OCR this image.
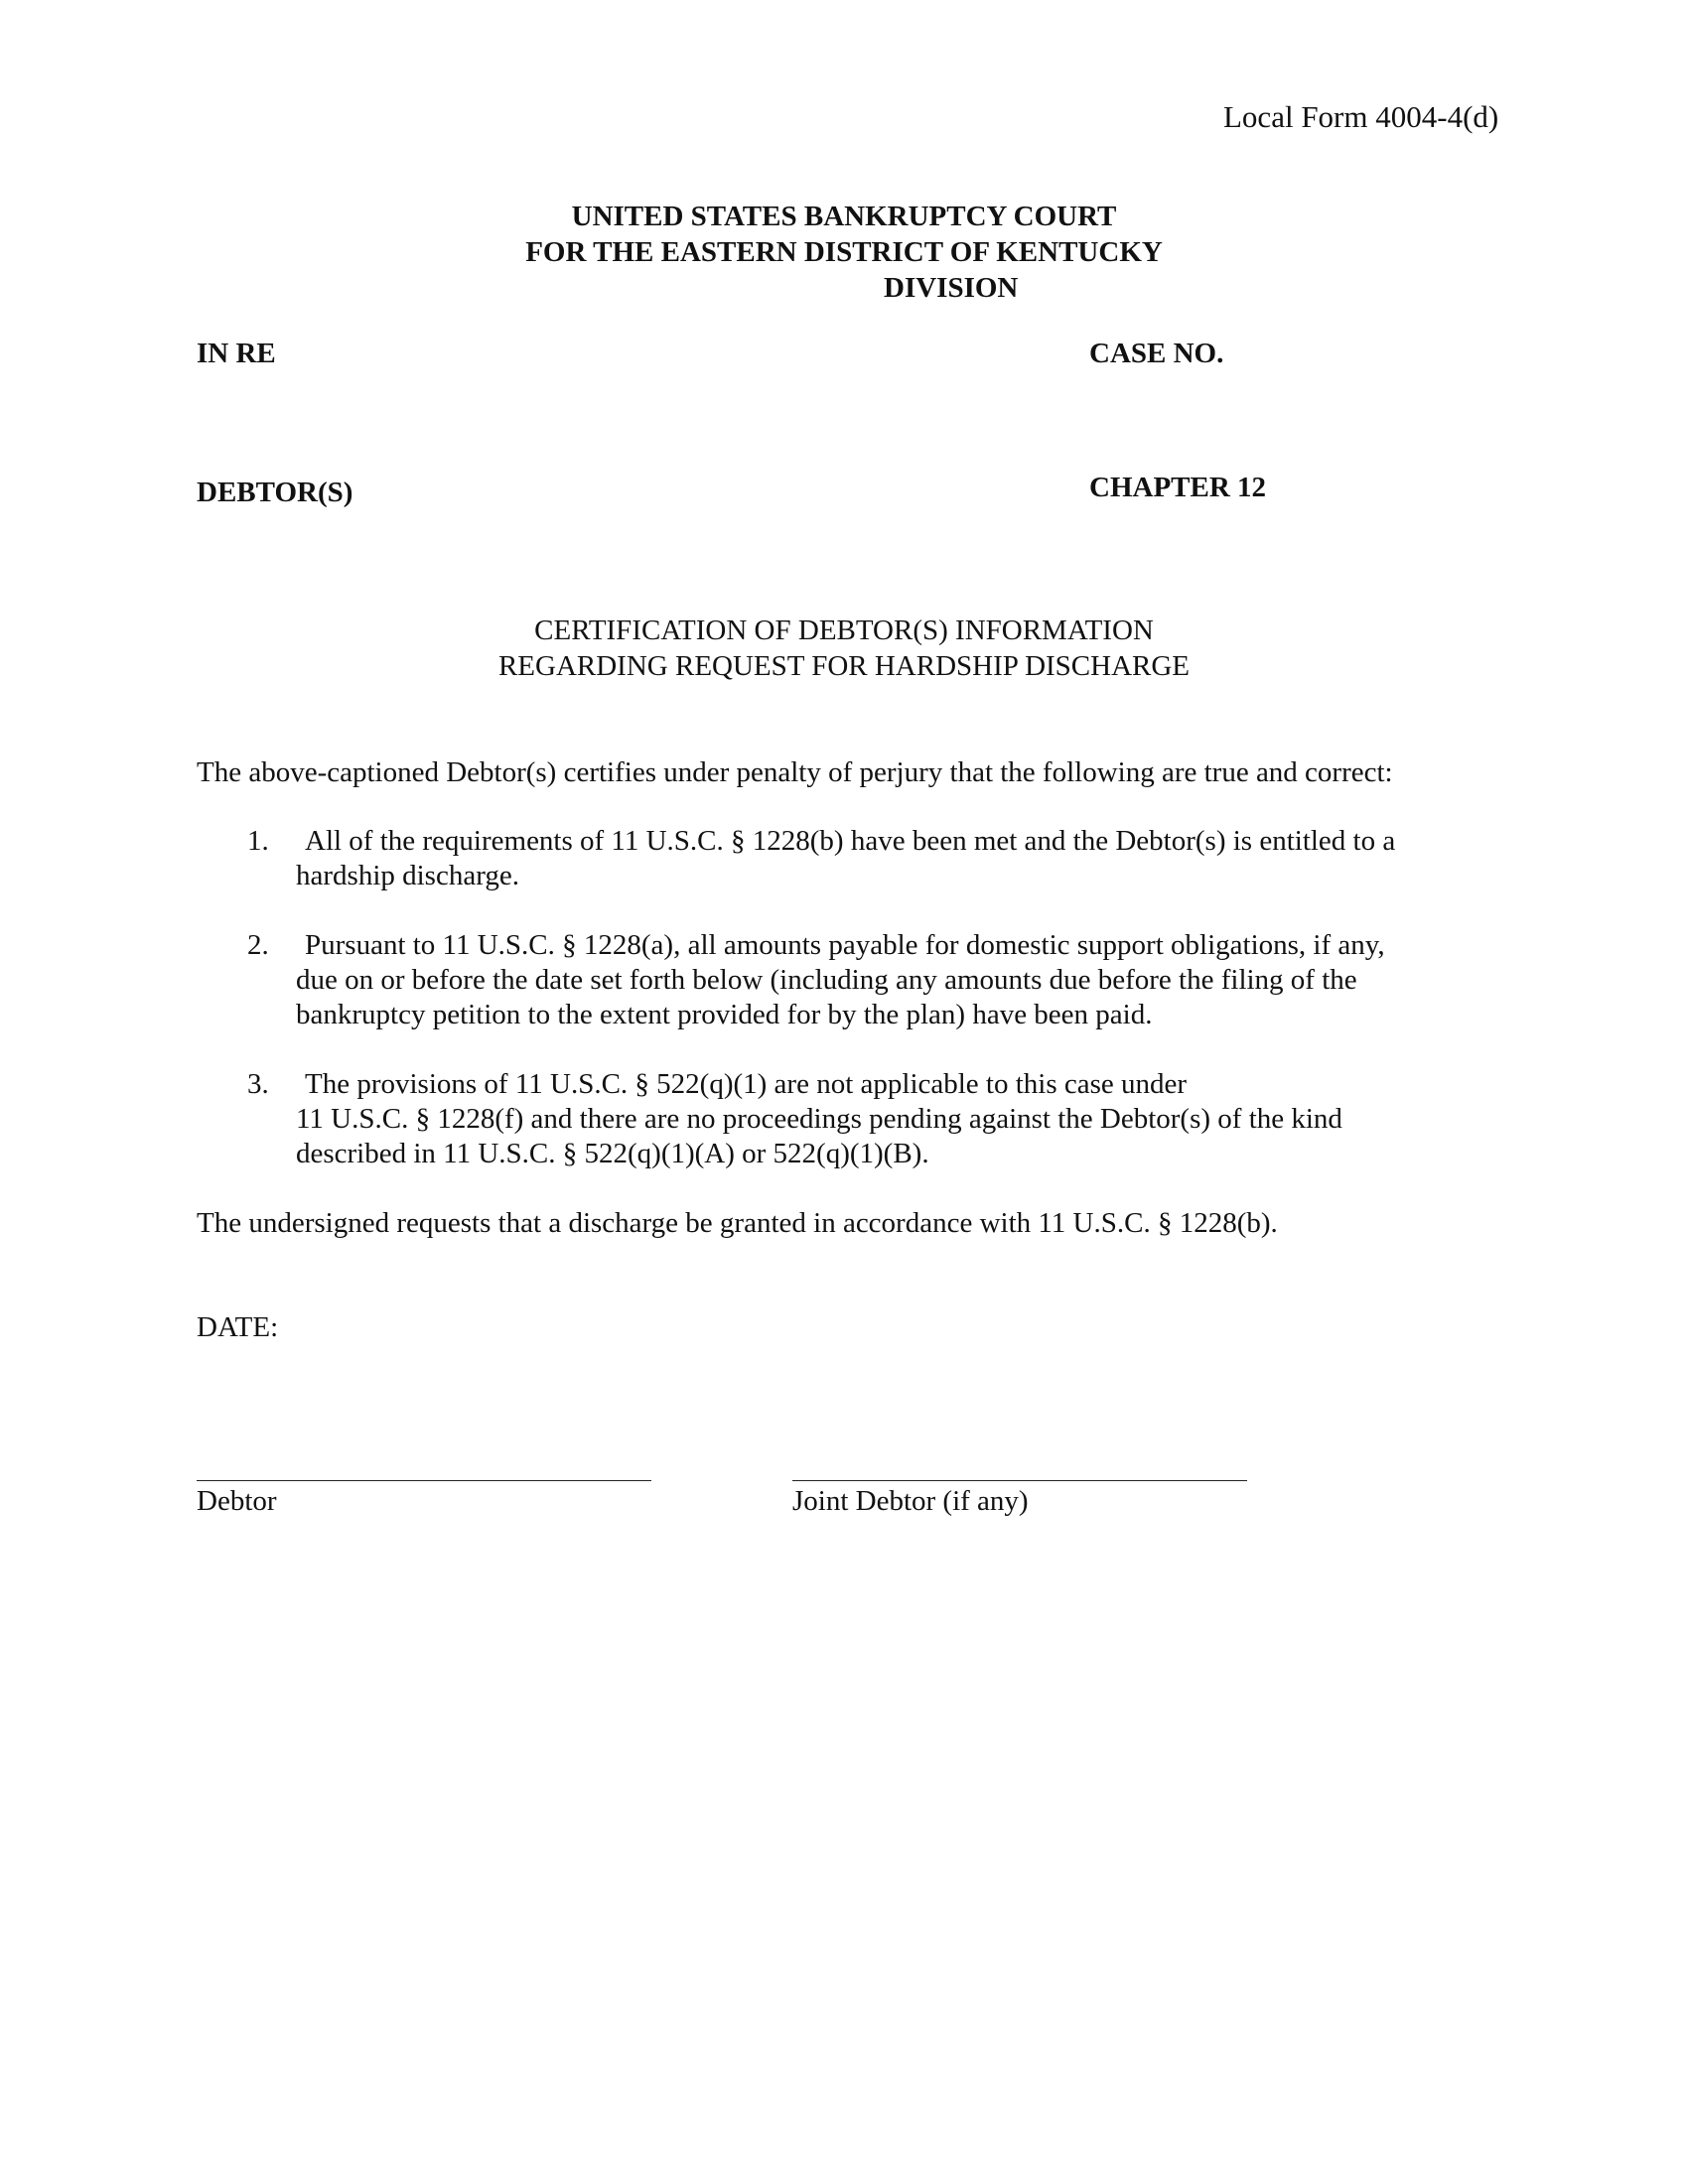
Local Form 4004-4(d)
UNITED STATES BANKRUPTCY COURT
FOR THE EASTERN DISTRICT OF KENTUCKY
DIVISION
IN RE	CASE NO.
DEBTOR(S)	CHAPTER 12
CERTIFICATION OF DEBTOR(S) INFORMATION
REGARDING REQUEST FOR HARDSHIP DISCHARGE
The above-captioned Debtor(s) certifies under penalty of perjury that the following are true and correct:
1. All of the requirements of 11 U.S.C. § 1228(b) have been met and the Debtor(s) is entitled to a
hardship discharge.
2. Pursuant to 11 U.S.C. § 1228(a), all amounts payable for domestic support obligations, if any,
due on or before the date set forth below (including any amounts due before the filing of the
bankruptcy petition to the extent provided for by the plan) have been paid.
3. The provisions of 11 U.S.C. § 522(q)(1) are not applicable to this case under
11 U.S.C. § 1228(f) and there are no proceedings pending against the Debtor(s) of the kind
described in 11 U.S.C. § 522(q)(1)(A) or 522(q)(1)(B).
The undersigned requests that a discharge be granted in accordance with 11 U.S.C. § 1228(b).
DATE:
Debtor	Joint Debtor (if any)
